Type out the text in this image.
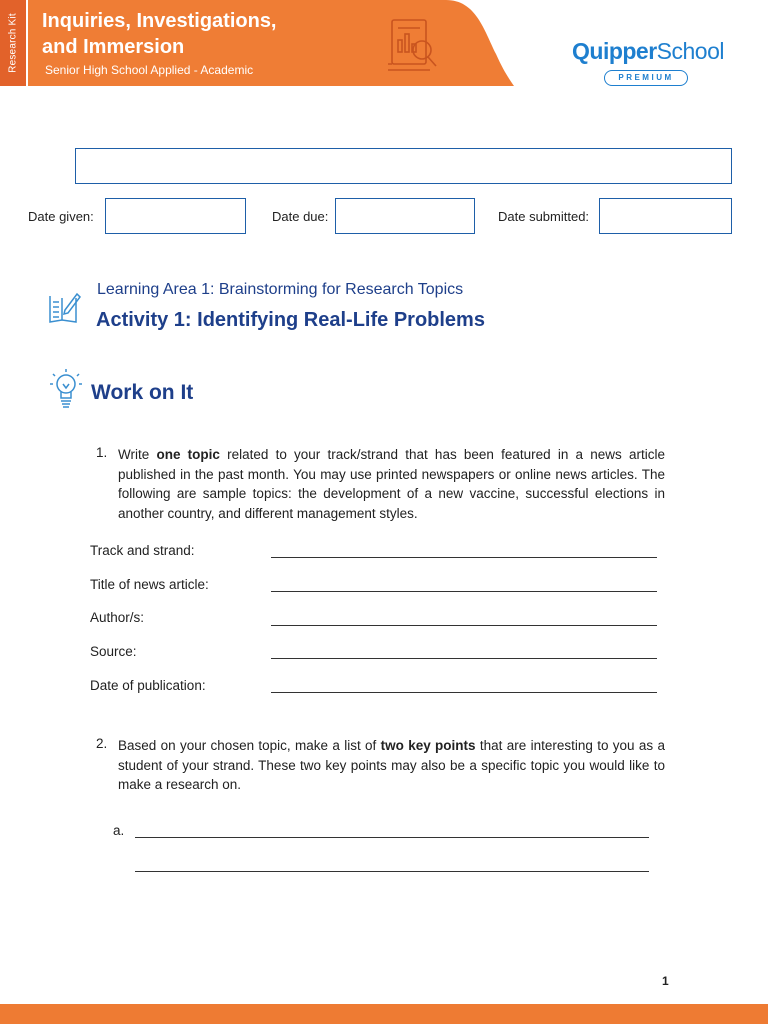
Research Kit Inquiries, Investigations,
and Immersion
Senior High School Applied - Academic
QuipperSchool
PREMIUM
Date given:	Date due:	Date submitted:
Learning Area 1: Brainstorming for Research Topics
Activity 1: Identifying Real-Life Problems
Work on It
1. Write one topic related to your track/strand that has been featured in a news article published in the past month. You may use printed newspapers or online news articles. The following are sample topics: the development of a new vaccine, successful elections in another country, and different management styles.
Track and strand:
Title of news article:
Author/s:
Source:
Date of publication:
2. Based on your chosen topic, make a list of two key points that are interesting to you as a student of your strand. These two key points may also be a specific topic you would like to make a research on.
a.
1
